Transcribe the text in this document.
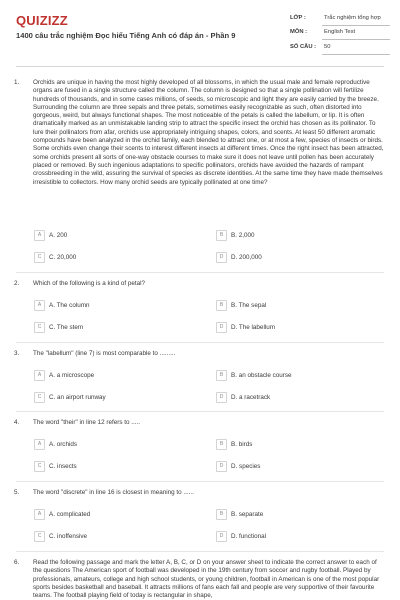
QUIZIZZ
1400 câu trắc nghiệm Đọc hiểu Tiếng Anh có đáp án - Phần 9
LỚP :	Trắc nghiệm tổng hợp
MÔN :	English Test
SỐ CÂU : 50
1. Orchids are unique in having the most highly developed of all blossoms, in which the usual male and female reproductive organs are fused in a single structure called the column. The column is designed so that a single pollination will fertilize hundreds of thousands, and in some cases millions, of seeds, so microscopic and light they are easily carried by the breeze. Surrounding the column are three sepals and three petals, sometimes easily recognizable as such, often distorted into gorgeous, weird, but always functional shapes. The most noticeable of the petals is called the labellum, or lip. It is often dramatically marked as an unmistakable landing strip to attract the specific insect the orchid has chosen as its pollinator. To lure their pollinators from afar, orchids use appropriately intriguing shapes, colors, and scents. At least 50 different aromatic compounds have been analyzed in the orchid family, each blended to attract one, or at most a few, species of insects or birds. Some orchids even change their scents to interest different insects at different times. Once the right insect has been attracted, some orchids present all sorts of one-way obstacle courses to make sure it does not leave until pollen has been accurately placed or removed. By such ingenious adaptations to specific pollinators, orchids have avoided the hazards of rampant crossbreeding in the wild, assuring the survival of species as discrete identities. At the same time they have made themselves irresistible to collectors. How many orchid seeds are typically pollinated at one time?
A	A. 200	B	B. 2,000
C	C. 20,000	D	D. 200,000
2. Which of the following is a kind of petal?
A	A. The column	B	B. The sepal
C	C. The stem	D	D. The labellum
3. The "labellum" (line 7) is most comparable to .........
A	A. a microscope	B	B. an obstacle course
C	C. an airport runway	D	D. a racetrack
4. The word "their" in line 12 refers to .....
A	A. orchids	B	B. birds
C	C. insects	D	D. species
5. The word "discrete" in line 16 is closest in meaning to ......
A	A. complicated	B	B. separate
C	C. inoffensive	D	D. functional
6. Read the following passage and mark the letter A, B, C, or D on your answer sheet to indicate the correct answer to each of the questions The American sport of football was developed in the 19th century from soccer and rugby football. Played by professionals, amateurs, college and high school students, or young children, football in American is one of the most popular sports besides basketball and baseball. It attracts millions of fans each fall and people are very supportive of their favourite teams. The football playing field of today is rectangular in shape,
